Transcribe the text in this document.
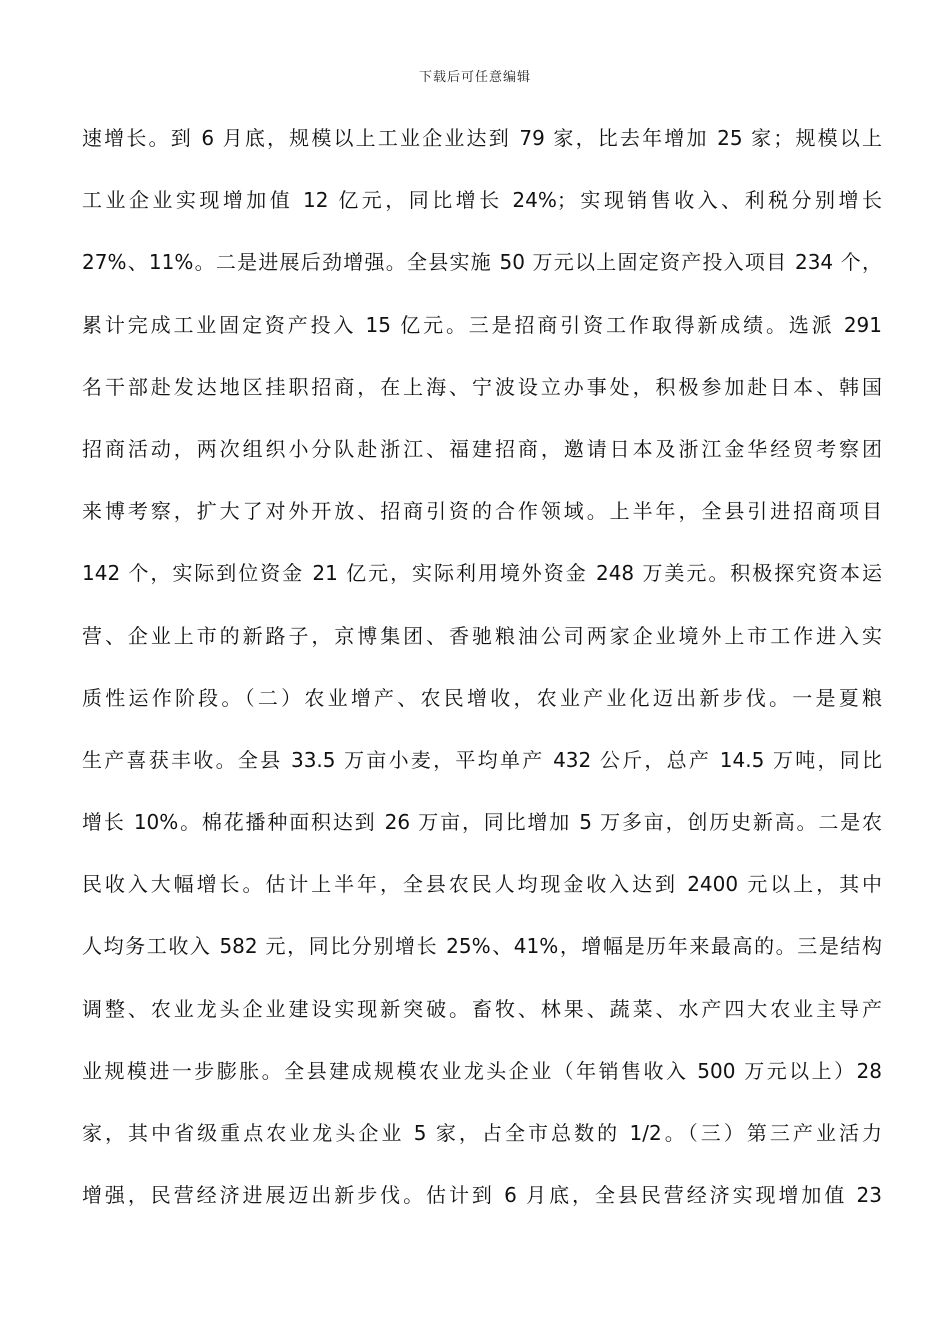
下载后可任意编辑
速增长。到 6 月底，规模以上工业企业达到 79 家，比去年增加 25 家；规模以上
工业企业实现增加值 12 亿元，同比增长 24%；实现销售收入、利税分别增长
27%、11%。二是进展后劲增强。全县实施 50 万元以上固定资产投入项目 234 个，
累计完成工业固定资产投入 15 亿元。三是招商引资工作取得新成绩。选派 291
名干部赴发达地区挂职招商，在上海、宁波设立办事处，积极参加赴日本、韩国
招商活动，两次组织小分队赴浙江、福建招商，邀请日本及浙江金华经贸考察团
来博考察，扩大了对外开放、招商引资的合作领域。上半年，全县引进招商项目
142 个，实际到位资金 21 亿元，实际利用境外资金 248 万美元。积极探究资本运
营、企业上市的新路子，京博集团、香驰粮油公司两家企业境外上市工作进入实
质性运作阶段。（二）农业增产、农民增收，农业产业化迈出新步伐。一是夏粮
生产喜获丰收。全县 33.5 万亩小麦，平均单产 432 公斤，总产 14.5 万吨，同比
增长 10%。棉花播种面积达到 26 万亩，同比增加 5 万多亩，创历史新高。二是农
民收入大幅增长。估计上半年，全县农民人均现金收入达到 2400 元以上，其中
人均务工收入 582 元，同比分别增长 25%、41%，增幅是历年来最高的。三是结构
调整、农业龙头企业建设实现新突破。畜牧、林果、蔬菜、水产四大农业主导产
业规模进一步膨胀。全县建成规模农业龙头企业（年销售收入 500 万元以上）28
家，其中省级重点农业龙头企业 5 家，占全市总数的 1/2。（三）第三产业活力
增强，民营经济进展迈出新步伐。估计到 6 月底，全县民营经济实现增加值 23
